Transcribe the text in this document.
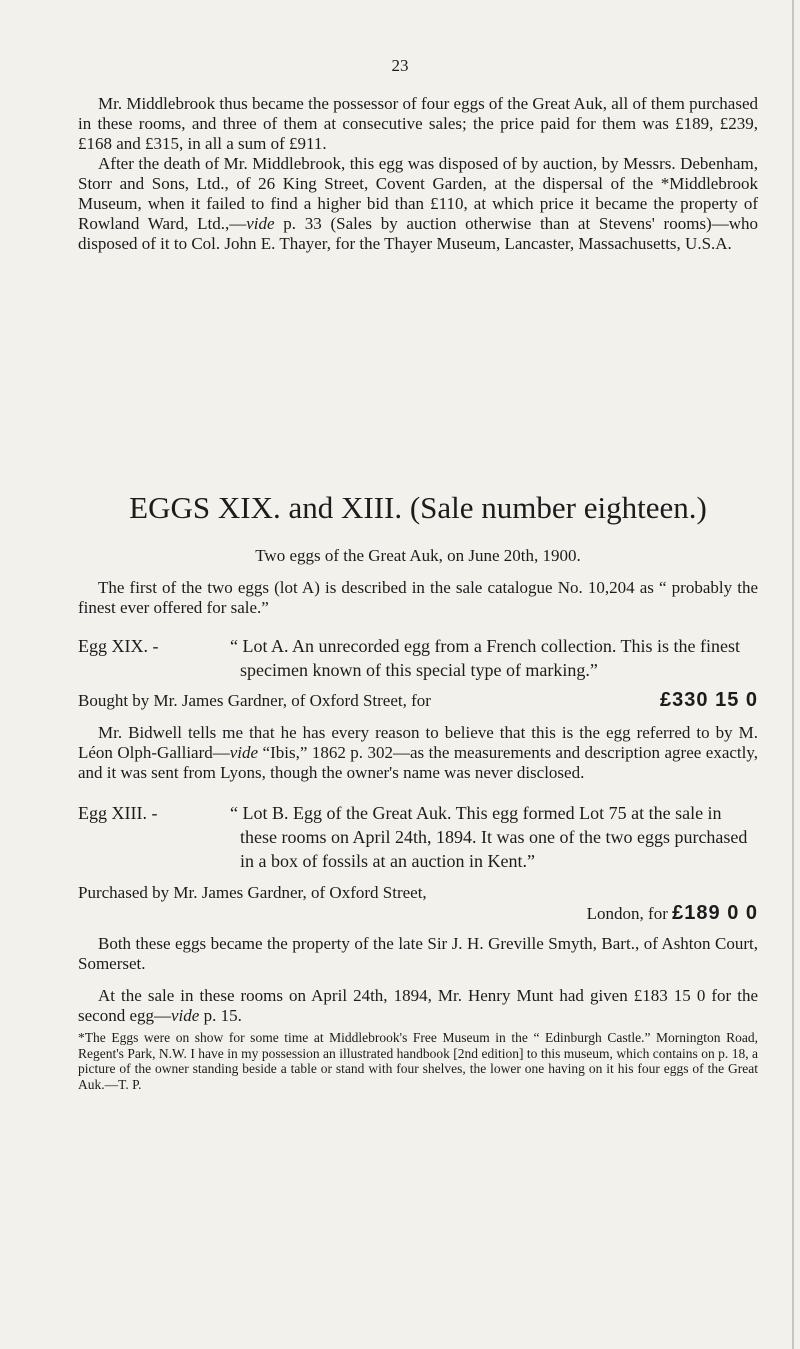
23

Mr. Middlebrook thus became the possessor of four eggs of the Great Auk, all of them purchased in these rooms, and three of them at consecutive sales; the price paid for them was £189, £239, £168 and £315, in all a sum of £911.

After the death of Mr. Middlebrook, this egg was disposed of by auction, by Messrs. Debenham, Storr and Sons, Ltd., of 26 King Street, Covent Garden, at the dispersal of the *Middlebrook Museum, when it failed to find a higher bid than £110, at which price it became the property of Rowland Ward, Ltd.,—vide p. 33 (Sales by auction otherwise than at Stevens' rooms)—who disposed of it to Col. John E. Thayer, for the Thayer Museum, Lancaster, Massachusetts, U.S.A.

EGGS XIX. and XIII. (Sale number eighteen.)

Two eggs of the Great Auk, on June 20th, 1900.

The first of the two eggs (lot A) is described in the sale catalogue No. 10,204 as “ probably the finest ever offered for sale.”

Egg XIX. -	“ Lot A. An unrecorded egg from a French collection. This is the finest specimen known of this special type of marking.”

Bought by Mr. James Gardner, of Oxford Street, for	£330 15 0

Mr. Bidwell tells me that he has every reason to believe that this is the egg referred to by M. Léon Olph-Galliard—vide “Ibis,” 1862 p. 302—as the measurements and description agree exactly, and it was sent from Lyons, though the owner's name was never disclosed.

Egg XIII. -	“ Lot B. Egg of the Great Auk. This egg formed Lot 75 at the sale in these rooms on April 24th, 1894. It was one of the two eggs purchased in a box of fossils at an auction in Kent.”

Purchased by Mr. James Gardner, of Oxford Street,

London, for £189 0 0

Both these eggs became the property of the late Sir J. H. Greville Smyth, Bart., of Ashton Court, Somerset.

At the sale in these rooms on April 24th, 1894, Mr. Henry Munt had given £183 15 0 for the second egg—vide p. 15.

*The Eggs were on show for some time at Middlebrook's Free Museum in the “ Edinburgh Castle.” Mornington Road, Regent's Park, N.W. I have in my possession an illustrated handbook [2nd edition] to this museum, which contains on p. 18, a picture of the owner standing beside a table or stand with four shelves, the lower one having on it his four eggs of the Great Auk.—T. P.
